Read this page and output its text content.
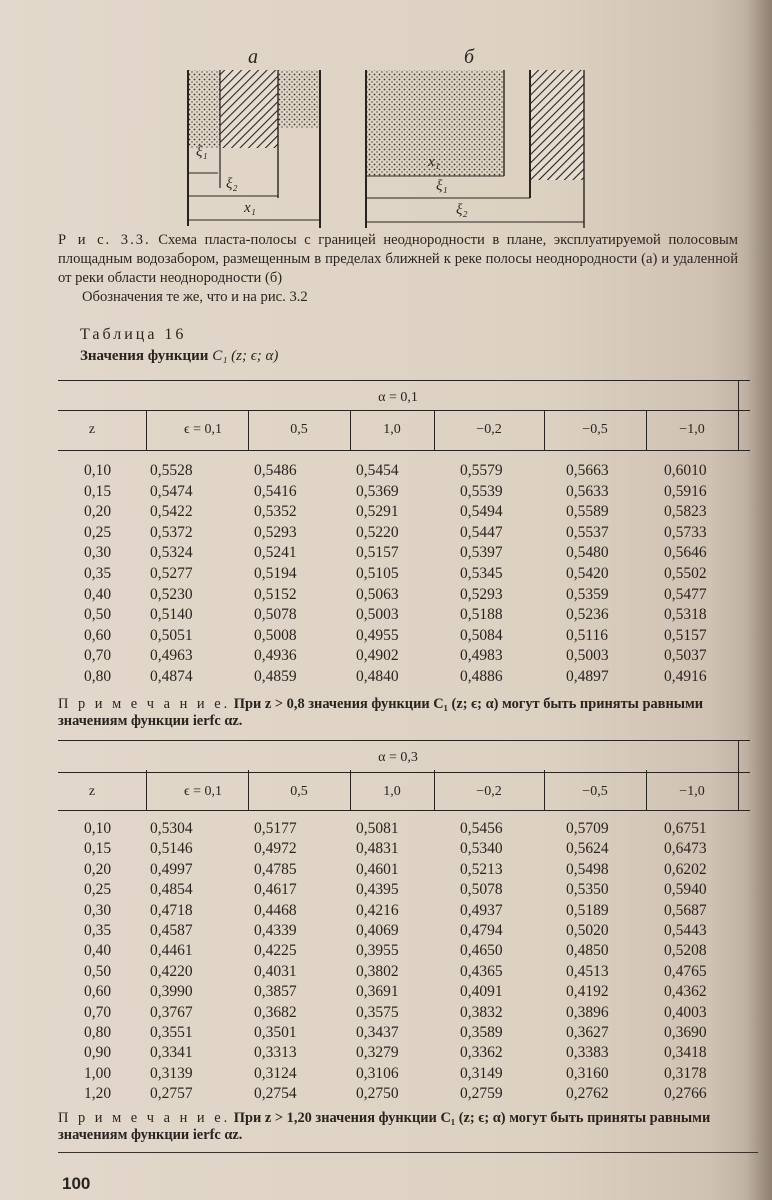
а	б
ξ₁
ξ₂
x₁
x₁
ξ₁
ξ₂
Р и с. 3.3. Схема пласта-полосы с границей неоднородности в плане, эксплуатируемой полосовым площадным водозабором, размещенным в пределах ближней к реке полосы неоднородности (а) и удаленной от реки области неоднородности (б)
Обозначения те же, что и на рис. 3.2
Таблица 16
Значения функции C₁ (z; ϵ; α)
α = 0,1
z	ϵ = 0,1	0,5	1,0	−0,2	−0,5	−1,0
0,10	0,5528	0,5486	0,5454	0,5579	0,5663	0,6010
0,15	0,5474	0,5416	0,5369	0,5539	0,5633	0,5916
0,20	0,5422	0,5352	0,5291	0,5494	0,5589	0,5823
0,25	0,5372	0,5293	0,5220	0,5447	0,5537	0,5733
0,30	0,5324	0,5241	0,5157	0,5397	0,5480	0,5646
0,35	0,5277	0,5194	0,5105	0,5345	0,5420	0,5502
0,40	0,5230	0,5152	0,5063	0,5293	0,5359	0,5477
0,50	0,5140	0,5078	0,5003	0,5188	0,5236	0,5318
0,60	0,5051	0,5008	0,4955	0,5084	0,5116	0,5157
0,70	0,4963	0,4936	0,4902	0,4983	0,5003	0,5037
0,80	0,4874	0,4859	0,4840	0,4886	0,4897	0,4916
П р и м е ч а н и е. При z > 0,8 значения функции C₁ (z; ϵ; α) могут быть приняты равными значениям функции ierfc αz.
α = 0,3
z	ϵ = 0,1	0,5	1,0	−0,2	−0,5	−1,0
0,10	0,5304	0,5177	0,5081	0,5456	0,5709	0,6751
0,15	0,5146	0,4972	0,4831	0,5340	0,5624	0,6473
0,20	0,4997	0,4785	0,4601	0,5213	0,5498	0,6202
0,25	0,4854	0,4617	0,4395	0,5078	0,5350	0,5940
0,30	0,4718	0,4468	0,4216	0,4937	0,5189	0,5687
0,35	0,4587	0,4339	0,4069	0,4794	0,5020	0,5443
0,40	0,4461	0,4225	0,3955	0,4650	0,4850	0,5208
0,50	0,4220	0,4031	0,3802	0,4365	0,4513	0,4765
0,60	0,3990	0,3857	0,3691	0,4091	0,4192	0,4362
0,70	0,3767	0,3682	0,3575	0,3832	0,3896	0,4003
0,80	0,3551	0,3501	0,3437	0,3589	0,3627	0,3690
0,90	0,3341	0,3313	0,3279	0,3362	0,3383	0,3418
1,00	0,3139	0,3124	0,3106	0,3149	0,3160	0,3178
1,20	0,2757	0,2754	0,2750	0,2759	0,2762	0,2766
П р и м е ч а н и е. При z > 1,20 значения функции C₁ (z; ϵ; α) могут быть приняты равными значениям функции ierfc αz.
100
